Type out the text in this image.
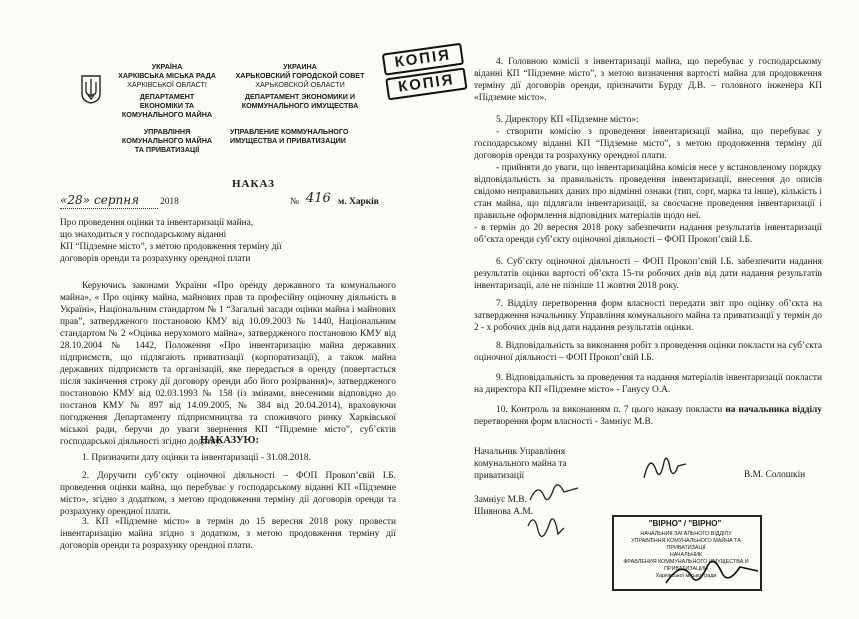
УКРАЇНА
ХАРКІВСЬКА МІСЬКА РАДА
ХАРКІВСЬКОЇ ОБЛАСТІ
ДЕПАРТАМЕНТ
ЕКОНОМІКИ ТА
КОМУНАЛЬНОГО МАЙНА
УПРАВЛІННЯ
КОМУНАЛЬНОГО МАЙНА
ТА ПРИВАТИЗАЦІЇ
УКРАИНА
ХАРЬКОВСКИЙ ГОРОДСКОЙ СОВЕТ
ХАРЬКОВСКОЙ ОБЛАСТИ
ДЕПАРТАМЕНТ ЭКОНОМИКИ И
КОММУНАЛЬНОГО ИМУЩЕСТВА
УПРАВЛЕНИЕ КОММУНАЛЬНОГО
ИМУЩЕСТВА И ПРИВАТИЗАЦИИ
КОПІЯ
КОПІЯ
НАКАЗ
«28» серпня 2018	№ 416 м. Харків
Про проведення оцінки та інвентаризації майна,
що знаходиться у господарському віданні
КП “Підземне місто”, з метою продовження терміну дії
договорів оренди та розрахунку орендної плати
Керуючись законами України «Про оренду державного та комунального майна», « Про оцінку майна, майнових прав та професійну оціночну діяльність в Україні», Національним стандартом № 1 “Загальні засади оцінки майна і майнових прав”, затвердженого постановою КМУ від 10.09.2003 № 1440, Національним стандартом № 2 «Оцінка нерухомого майна», затвердженого постановою КМУ від 28.10.2004 № 1442, Положення «Про інвентаризацію майна державних підприємств, що підлягають приватизації (корпоратизації), а також майна державних підприємств та організацій, яке передається в оренду (повертається після закінчення строку дії договору оренди або його розірвання)», затвердженого постановою КМУ від 02.03.1993 № 158 (із змінами, внесеними відповідно до постанов КМУ № 897 від 14.09.2005, № 384 від 20.04.2014), враховуючи погодження Департаменту підприємництва та споживчого ринку Харківської міської ради, беручи до уваги звернення КП “Підземне місто”, суб’єктів господарської діяльності згідно додатку.
НАКАЗУЮ:
1. Призначити дату оцінки та інвентаризації - 31.08.2018.
2. Доручити суб’єкту оціночної діяльності – ФОП Прокоп’євій І.Б. проведення оцінки майна, що перебуває у господарському віданні КП «Підземне місто», згідно з додатком, з метою продовження терміну дії договорів оренди та розрахунку орендної плати.
3. КП «Підземне місто» в термін до 15 вересня 2018 року провести інвентаризацію майна згідно з додатком, з метою продовження терміну дії договорів оренди та розрахунку орендної плати.
4. Головною комісії з інвентаризації майна, що перебуває у господарському віданні КП “Підземне місто”, з метою визначення вартості майна для продовження терміну дії договорів оренди, призначити Бурду Д.В. – головного інженера КП «Підземне місто».
5. Директору КП «Підземне місто»:
- створити комісію з проведення інвентаризації майна, що перебуває у господарському віданні КП “Підземне місто”, з метою продовження терміну дії договорів оренди та розрахунку орендної плати.
- прийняти до уваги, що інвентаризаційна комісія несе у встановленому порядку відповідальність за правильність проведення інвентаризації, внесення до описів свідомо неправильних даних про відмінні ознаки (тип, сорт, марка та інше), кількість і стан майна, що підлягали інвентаризації, за своєчасне проведення інвентаризації і правильне оформлення відповідних матеріалів щодо неї.
- в термін до 20 вересня 2018 року забезпечити надання результатів інвентаризації об’єкта оренди суб’єкту оціночної діяльності – ФОП Прокоп’євій І.Б.
6. Суб’єкту оціночної діяльності – ФОП Прокоп’євій І.Б. забезпечити надання результатів оцінки вартості об’єкта 15-ти робочих днів від дати надання результатів інвентаризації, але не пізніше 11 жовтня 2018 року.
7. Відділу перетворення форм власності передати звіт про оцінку об’єкта на затвердження начальнику Управління комунального майна та приватизації у термін до 2 - х робочих днів від дати надання результатів оцінки.
8. Відповідальність за виконання робіт з проведення оцінки покласти на суб’єкта оціночної діяльності – ФОП Прокоп’євій І.Б.
9. Відповідальність за проведення та надання матеріалів інвентаризації покласти на директора КП «Підземне місто» - Ганусу О.А.
10. Контроль за виконанням п. 7 цього наказу покласти на начальника відділу перетворення форм власності - Замніус М.В.
Начальник Управління
комунального майна та
приватизації	В.М. Солошкін
Замніус М.В.
Шиянова А.М.
"ВІРНО" / "ВІРНО"
НАЧАЛЬНИК ЗАГАЛЬНОГО ВІДДІЛУ
УПРАВЛІННЯ КОМУНАЛЬНОГО МАЙНА ТА ПРИВАТИЗАЦІЇ
НАЧАЛЬНИК
ФРАВЛЕНИЯ КОММУНАЛЬНОГО ИМУЩЕСТВА И ПРИВАТИЗАЦИИ
Харківської міської ради
